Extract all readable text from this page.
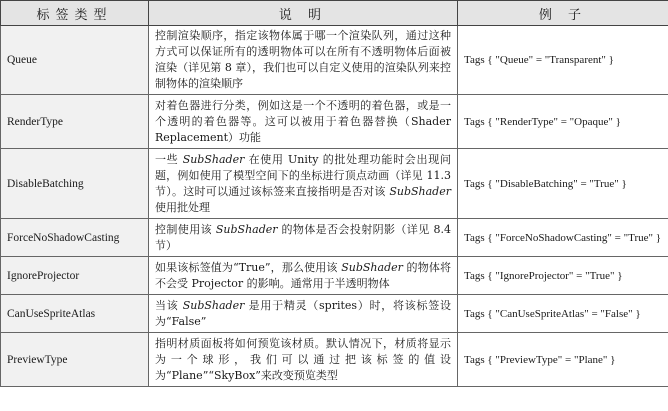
标签类型	说 明	例 子
Queue	控制渲染顺序，指定该物体属于哪一个渲染队列，通过这种方式可以保证所有的透明物体可以在所有不透明物体后面被渲染（详见第 8 章），我们也可以自定义使用的渲染队列来控制物体的渲染顺序	Tags { "Queue" = "Transparent" }
RenderType	对着色器进行分类，例如这是一个不透明的着色器，或是一个透明的着色器等。这可以被用于着色器替换（Shader Replacement）功能	Tags { "RenderType" = "Opaque" }
DisableBatching	一些 SubShader 在使用 Unity 的批处理功能时会出现问题，例如使用了模型空间下的坐标进行顶点动画（详见 11.3 节）。这时可以通过该标签来直接指明是否对该 SubShader 使用批处理	Tags { "DisableBatching" = "True" }
ForceNoShadowCasting	控制使用该 SubShader 的物体是否会投射阴影（详见 8.4 节）	Tags { "ForceNoShadowCasting" = "True" }
IgnoreProjector	如果该标签值为“True”，那么使用该 SubShader 的物体将不会受 Projector 的影响。通常用于半透明物体	Tags { "IgnoreProjector" = "True" }
CanUseSpriteAtlas	当该 SubShader 是用于精灵（sprites）时，将该标签设为“False”	Tags { "CanUseSpriteAtlas" = "False" }
PreviewType	指明材质面板将如何预览该材质。默认情况下，材质将显示为一个球形，我们可以通过把该标签的值设为“Plane”“SkyBox”来改变预览类型	Tags { "PreviewType" = "Plane" }
